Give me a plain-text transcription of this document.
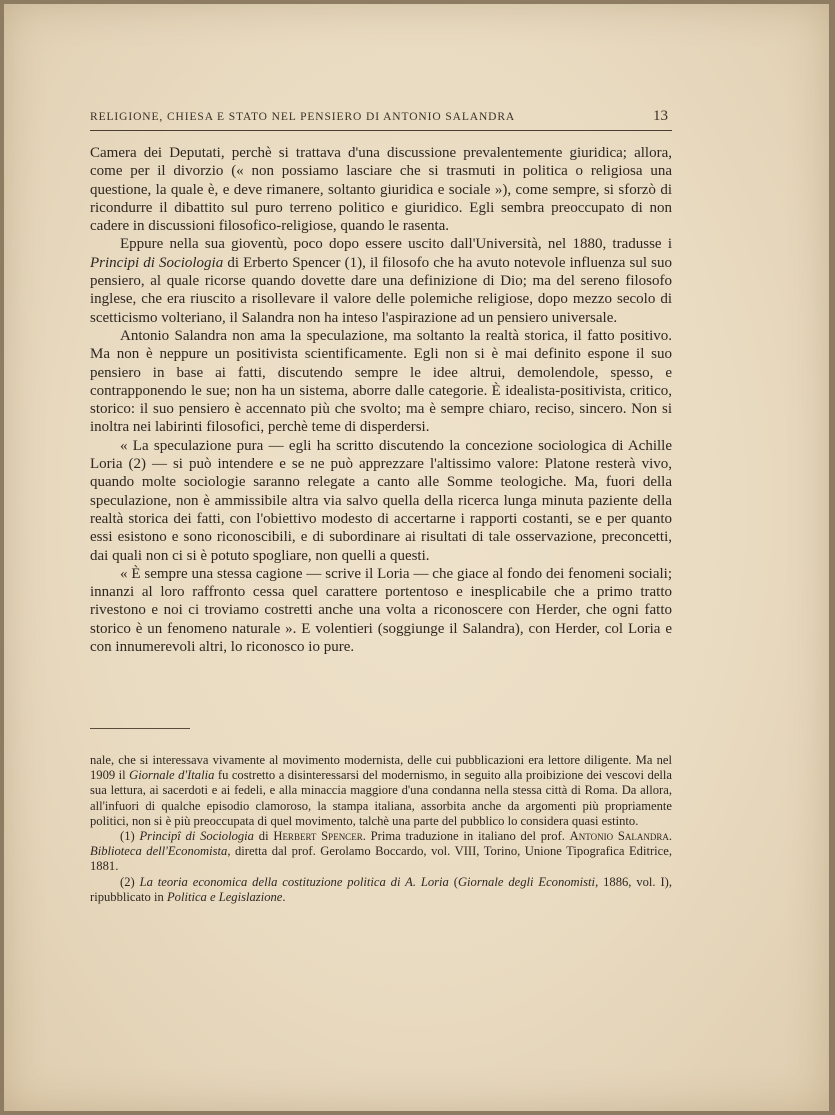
RELIGIONE, CHIESA E STATO NEL PENSIERO DI ANTONIO SALANDRA	13

Camera dei Deputati, perchè si trattava d'una discussione prevalentemente giuridica; allora, come per il divorzio (« non possiamo lasciare che si trasmuti in politica o religiosa una questione, la quale è, e deve rimanere, soltanto giuridica e sociale »), come sempre, si sforzò di ricondurre il dibattito sul puro terreno politico e giuridico. Egli sembra preoccupato di non cadere in discussioni filosofico-religiose, quando le rasenta.

Eppure nella sua gioventù, poco dopo essere uscito dall'Università, nel 1880, tradusse i Principi di Sociologia di Erberto Spencer (1), il filosofo che ha avuto notevole influenza sul suo pensiero, al quale ricorse quando dovette dare una definizione di Dio; ma del sereno filosofo inglese, che era riuscito a risollevare il valore delle polemiche religiose, dopo mezzo secolo di scetticismo volteriano, il Salandra non ha inteso l'aspirazione ad un pensiero universale.

Antonio Salandra non ama la speculazione, ma soltanto la realtà storica, il fatto positivo. Ma non è neppure un positivista scientificamente. Egli non si è mai definito espone il suo pensiero in base ai fatti, discutendo sempre le idee altrui, demolendole, spesso, e contrapponendo le sue; non ha un sistema, aborre dalle categorie. È idealista-positivista, critico, storico: il suo pensiero è accennato più che svolto; ma è sempre chiaro, reciso, sincero. Non si inoltra nei labirinti filosofici, perchè teme di disperdersi.

« La speculazione pura — egli ha scritto discutendo la concezione sociologica di Achille Loria (2) — si può intendere e se ne può apprezzare l'altissimo valore: Platone resterà vivo, quando molte sociologie saranno relegate a canto alle Somme teologiche. Ma, fuori della speculazione, non è ammissibile altra via salvo quella della ricerca lunga minuta paziente della realtà storica dei fatti, con l'obiettivo modesto di accertarne i rapporti costanti, se e per quanto essi esistono e sono riconoscibili, e di subordinare ai risultati di tale osservazione, preconcetti, dai quali non ci si è potuto spogliare, non quelli a questi.

« È sempre una stessa cagione — scrive il Loria — che giace al fondo dei fenomeni sociali; innanzi al loro raffronto cessa quel carattere portentoso e inesplicabile che a primo tratto rivestono e noi ci troviamo costretti anche una volta a riconoscere con Herder, che ogni fatto storico è un fenomeno naturale ». E volentieri (soggiunge il Salandra), con Herder, col Loria e con innumerevoli altri, lo riconosco io pure.

nale, che si interessava vivamente al movimento modernista, delle cui pubblicazioni era lettore diligente. Ma nel 1909 il Giornale d'Italia fu costretto a disinteressarsi del modernismo, in seguito alla proibizione dei vescovi della sua lettura, ai sacerdoti e ai fedeli, e alla minaccia maggiore d'una condanna nella stessa città di Roma. Da allora, all'infuori di qualche episodio clamoroso, la stampa italiana, assorbita anche da argomenti più propriamente politici, non si è più preoccupata di quel movimento, talchè una parte del pubblico lo considera quasi estinto.

(1) Principî di Sociologia di Herbert Spencer. Prima traduzione in italiano del prof. Antonio Salandra. Biblioteca dell'Economista, diretta dal prof. Gerolamo Boccardo, vol. VIII, Torino, Unione Tipografica Editrice, 1881.

(2) La teoria economica della costituzione politica di A. Loria (Giornale degli Economisti, 1886, vol. I), ripubblicato in Politica e Legislazione.
